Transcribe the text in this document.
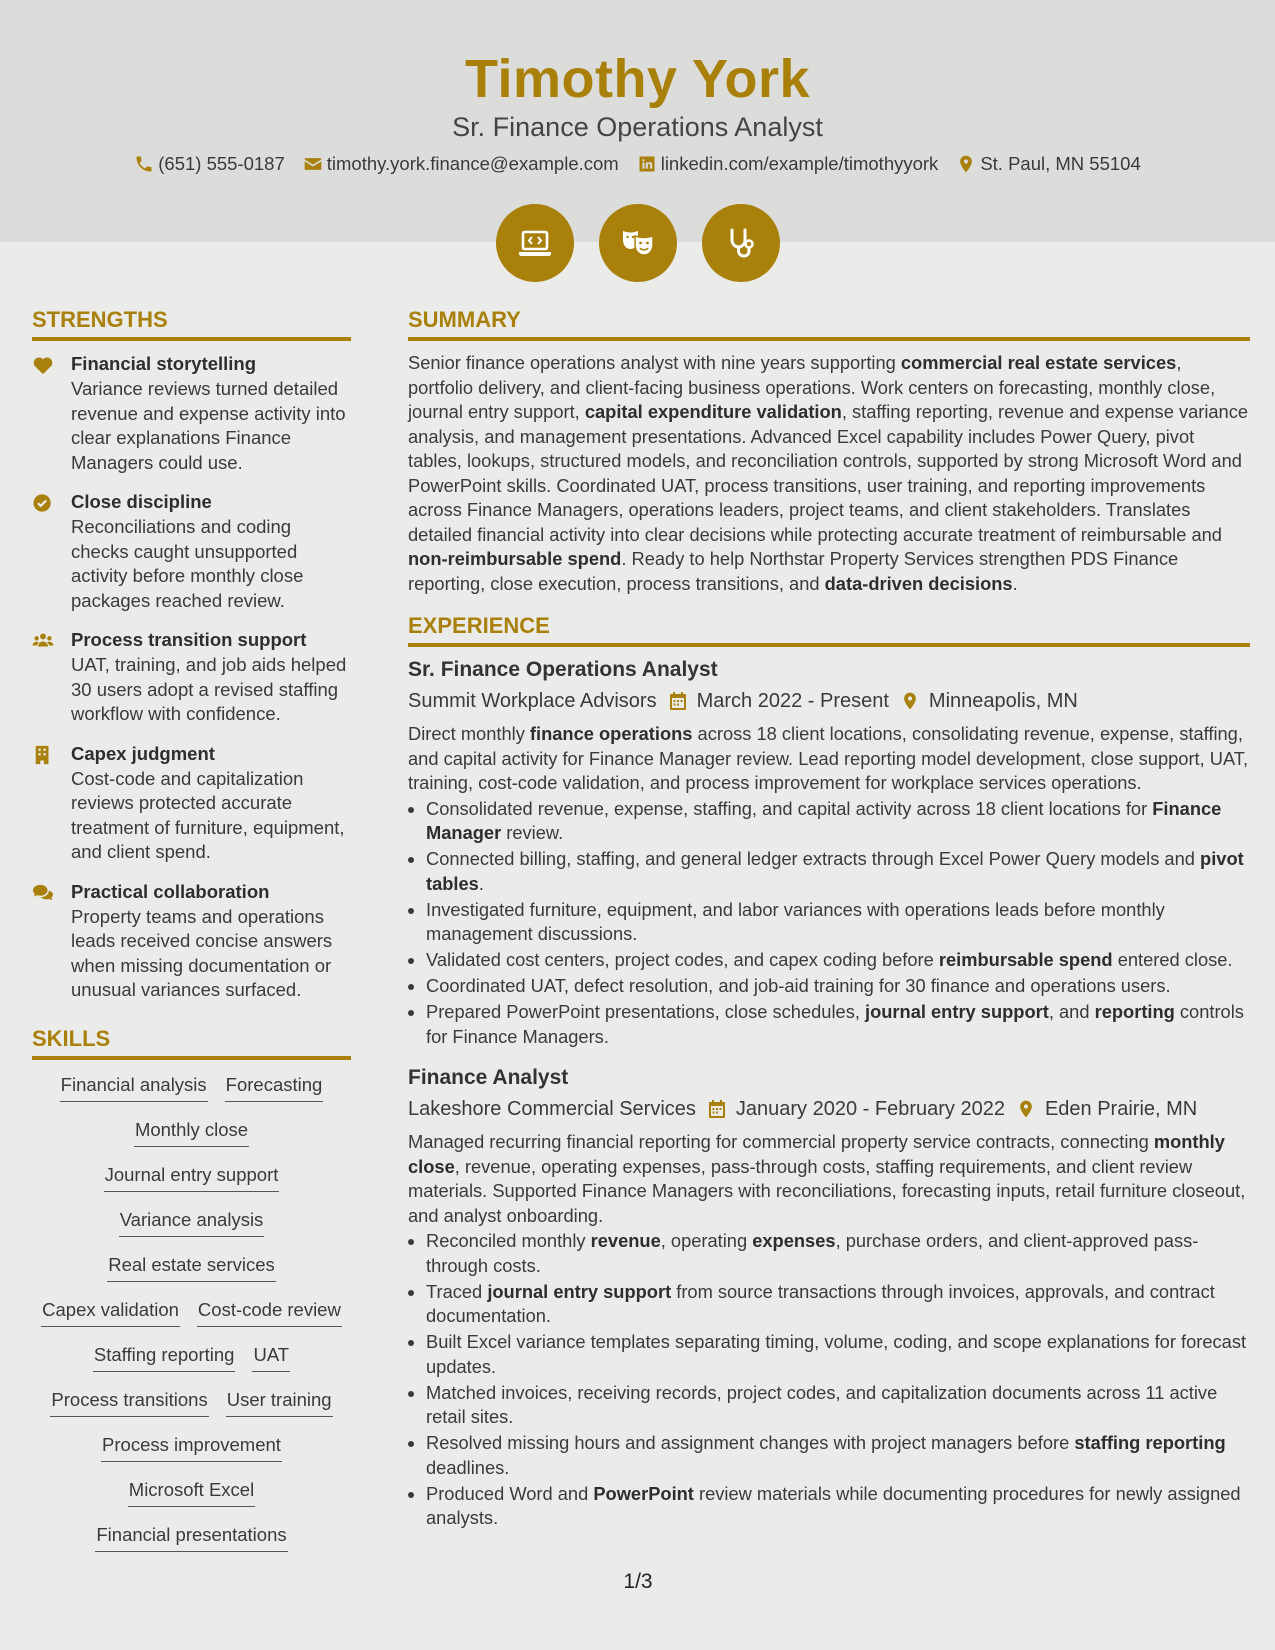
Timothy York
Sr. Finance Operations Analyst
(651) 555-0187 timothy.york.finance@example.com linkedin.com/example/timothyyork St. Paul, MN 55104
STRENGTHS
Financial storytelling
Variance reviews turned detailed revenue and expense activity into clear explanations Finance Managers could use.
Close discipline
Reconciliations and coding checks caught unsupported activity before monthly close packages reached review.
Process transition support
UAT, training, and job aids helped 30 users adopt a revised staffing workflow with confidence.
Capex judgment
Cost-code and capitalization reviews protected accurate treatment of furniture, equipment, and client spend.
Practical collaboration
Property teams and operations leads received concise answers when missing documentation or unusual variances surfaced.
SKILLS
Financial analysis Forecasting
Monthly close
Journal entry support
Variance analysis
Real estate services
Capex validation Cost-code review
Staffing reporting UAT
Process transitions User training
Process improvement
Microsoft Excel
Financial presentations
SUMMARY
Senior finance operations analyst with nine years supporting commercial real estate services, portfolio delivery, and client-facing business operations. Work centers on forecasting, monthly close, journal entry support, capital expenditure validation, staffing reporting, revenue and expense variance analysis, and management presentations. Advanced Excel capability includes Power Query, pivot tables, lookups, structured models, and reconciliation controls, supported by strong Microsoft Word and PowerPoint skills. Coordinated UAT, process transitions, user training, and reporting improvements across Finance Managers, operations leaders, project teams, and client stakeholders. Translates detailed financial activity into clear decisions while protecting accurate treatment of reimbursable and non-reimbursable spend. Ready to help Northstar Property Services strengthen PDS Finance reporting, close execution, process transitions, and data-driven decisions.
EXPERIENCE
Sr. Finance Operations Analyst
Summit Workplace Advisors March 2022 - Present Minneapolis, MN
Direct monthly finance operations across 18 client locations, consolidating revenue, expense, staffing, and capital activity for Finance Manager review. Lead reporting model development, close support, UAT, training, cost-code validation, and process improvement for workplace services operations.
• Consolidated revenue, expense, staffing, and capital activity across 18 client locations for Finance Manager review.
• Connected billing, staffing, and general ledger extracts through Excel Power Query models and pivot tables.
• Investigated furniture, equipment, and labor variances with operations leads before monthly management discussions.
• Validated cost centers, project codes, and capex coding before reimbursable spend entered close.
• Coordinated UAT, defect resolution, and job-aid training for 30 finance and operations users.
• Prepared PowerPoint presentations, close schedules, journal entry support, and reporting controls for Finance Managers.
Finance Analyst
Lakeshore Commercial Services January 2020 - February 2022 Eden Prairie, MN
Managed recurring financial reporting for commercial property service contracts, connecting monthly close, revenue, operating expenses, pass-through costs, staffing requirements, and client review materials. Supported Finance Managers with reconciliations, forecasting inputs, retail furniture closeout, and analyst onboarding.
• Reconciled monthly revenue, operating expenses, purchase orders, and client-approved pass-through costs.
• Traced journal entry support from source transactions through invoices, approvals, and contract documentation.
• Built Excel variance templates separating timing, volume, coding, and scope explanations for forecast updates.
• Matched invoices, receiving records, project codes, and capitalization documents across 11 active retail sites.
• Resolved missing hours and assignment changes with project managers before staffing reporting deadlines.
• Produced Word and PowerPoint review materials while documenting procedures for newly assigned analysts.
1/3
